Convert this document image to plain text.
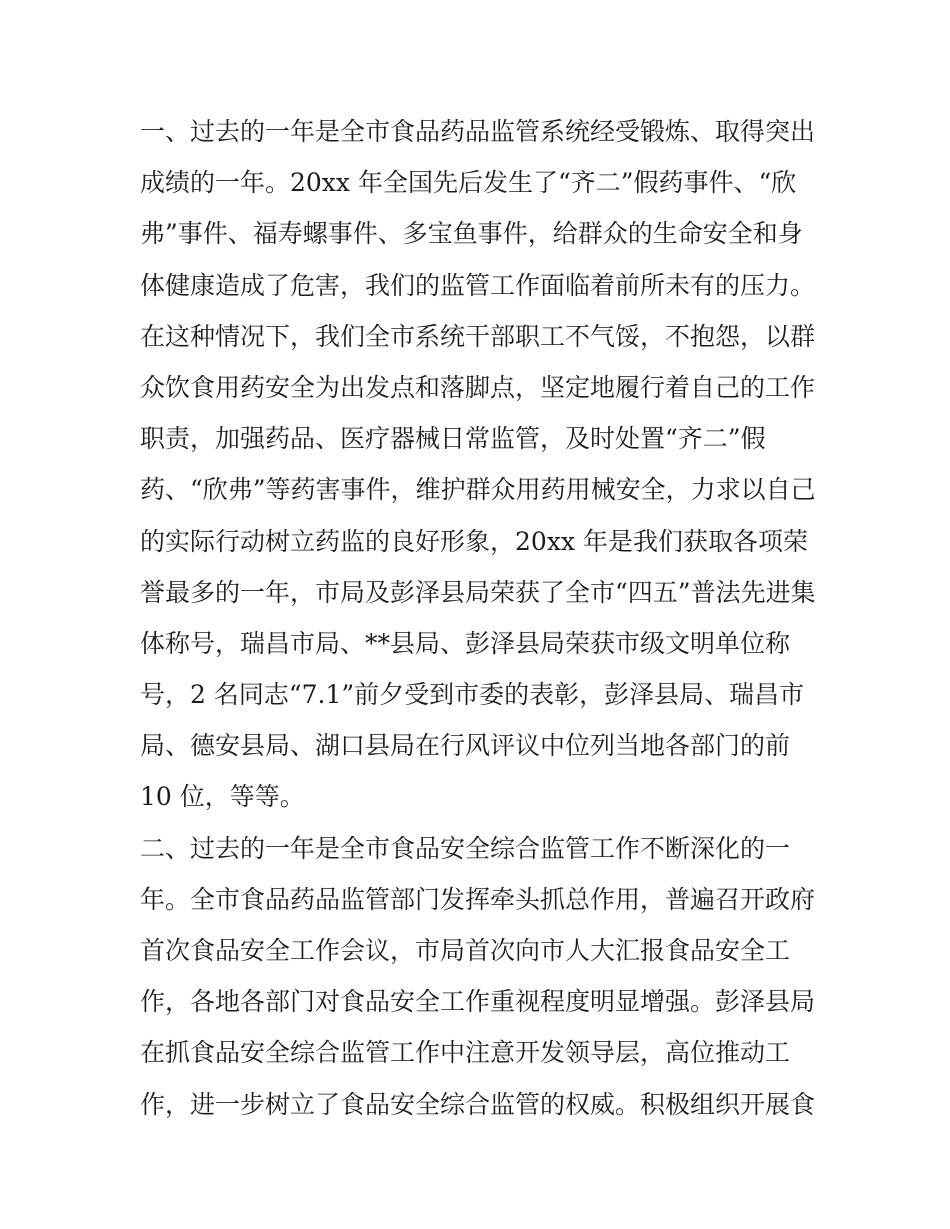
一、过去的一年是全市食品药品监管系统经受锻炼、取得突出
成绩的一年。20xx 年全国先后发生了“齐二”假药事件、“欣
弗”事件、福寿螺事件、多宝鱼事件，给群众的生命安全和身
体健康造成了危害，我们的监管工作面临着前所未有的压力。
在这种情况下，我们全市系统干部职工不气馁，不抱怨，以群
众饮食用药安全为出发点和落脚点，坚定地履行着自己的工作
职责，加强药品、医疗器械日常监管，及时处置“齐二”假
药、“欣弗”等药害事件，维护群众用药用械安全，力求以自己
的实际行动树立药监的良好形象，20xx 年是我们获取各项荣
誉最多的一年，市局及彭泽县局荣获了全市“四五”普法先进集
体称号，瑞昌市局、**县局、彭泽县局荣获市级文明单位称
号，2 名同志“7.1”前夕受到市委的表彰，彭泽县局、瑞昌市
局、德安县局、湖口县局在行风评议中位列当地各部门的前
10 位，等等。
二、过去的一年是全市食品安全综合监管工作不断深化的一
年。全市食品药品监管部门发挥牵头抓总作用，普遍召开政府
首次食品安全工作会议，市局首次向市人大汇报食品安全工
作，各地各部门对食品安全工作重视程度明显增强。彭泽县局
在抓食品安全综合监管工作中注意开发领导层，高位推动工
作，进一步树立了食品安全综合监管的权威。积极组织开展食
